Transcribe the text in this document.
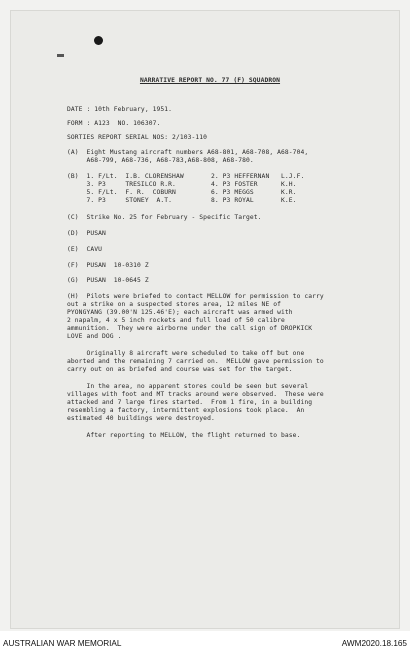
NARRATIVE REPORT NO. 77 (F) SQUADRON
DATE : 10th February, 1951.
FORM : A123  NO. 106307.
SORTIES REPORT SERIAL NOS: 2/103-110
(A)  Eight Mustang aircraft numbers A68-801, A68-708, A68-704,
A68-799, A68-736, A68-783,A68-808, A68-780.
(B)  1. F/Lt.  I.B. CLORENSHAW       2. P3 HEFFERNAN   L.J.F.
3. P3     TRESILCO R.R.         4. P3 FOSTER      K.H.
5. F/Lt.  F. R.  COBURN         6. P3 MEGGS       K.R.
7. P3     STONEY  A.T.          8. P3 ROYAL       K.E.
(C)  Strike No. 25 for February - Specific Target.
(D)  PUSAN
(E)  CAVU
(F)  PUSAN  10-0310 Z
(G)  PUSAN  10-0645 Z
(H)  Pilots were briefed to contact MELLOW for permission to carry
out a strike on a suspected stores area, 12 miles NE of
PYONGYANG (39.00'N 125.46'E); each aircraft was armed with
2 napalm, 4 x 5 inch rockets and full load of 50 calibre
ammunition.  They were airborne under the call sign of DROPKICK
LOVE and DOG .
Originally 8 aircraft were scheduled to take off but one
aborted and the remaining 7 carried on.  MELLOW gave permission to
carry out on as briefed and course was set for the target.
In the area, no apparent stores could be seen but several
villages with foot and MT tracks around were observed.  These were
attacked and 7 large fires started.  From 1 fire, in a building
resembling a factory, intermittent explosions took place.  An
estimated 40 buildings were destroyed.
After reporting to MELLOW, the flight returned to base.
AUSTRALIAN WAR MEMORIAL	AWM2020.18.165
